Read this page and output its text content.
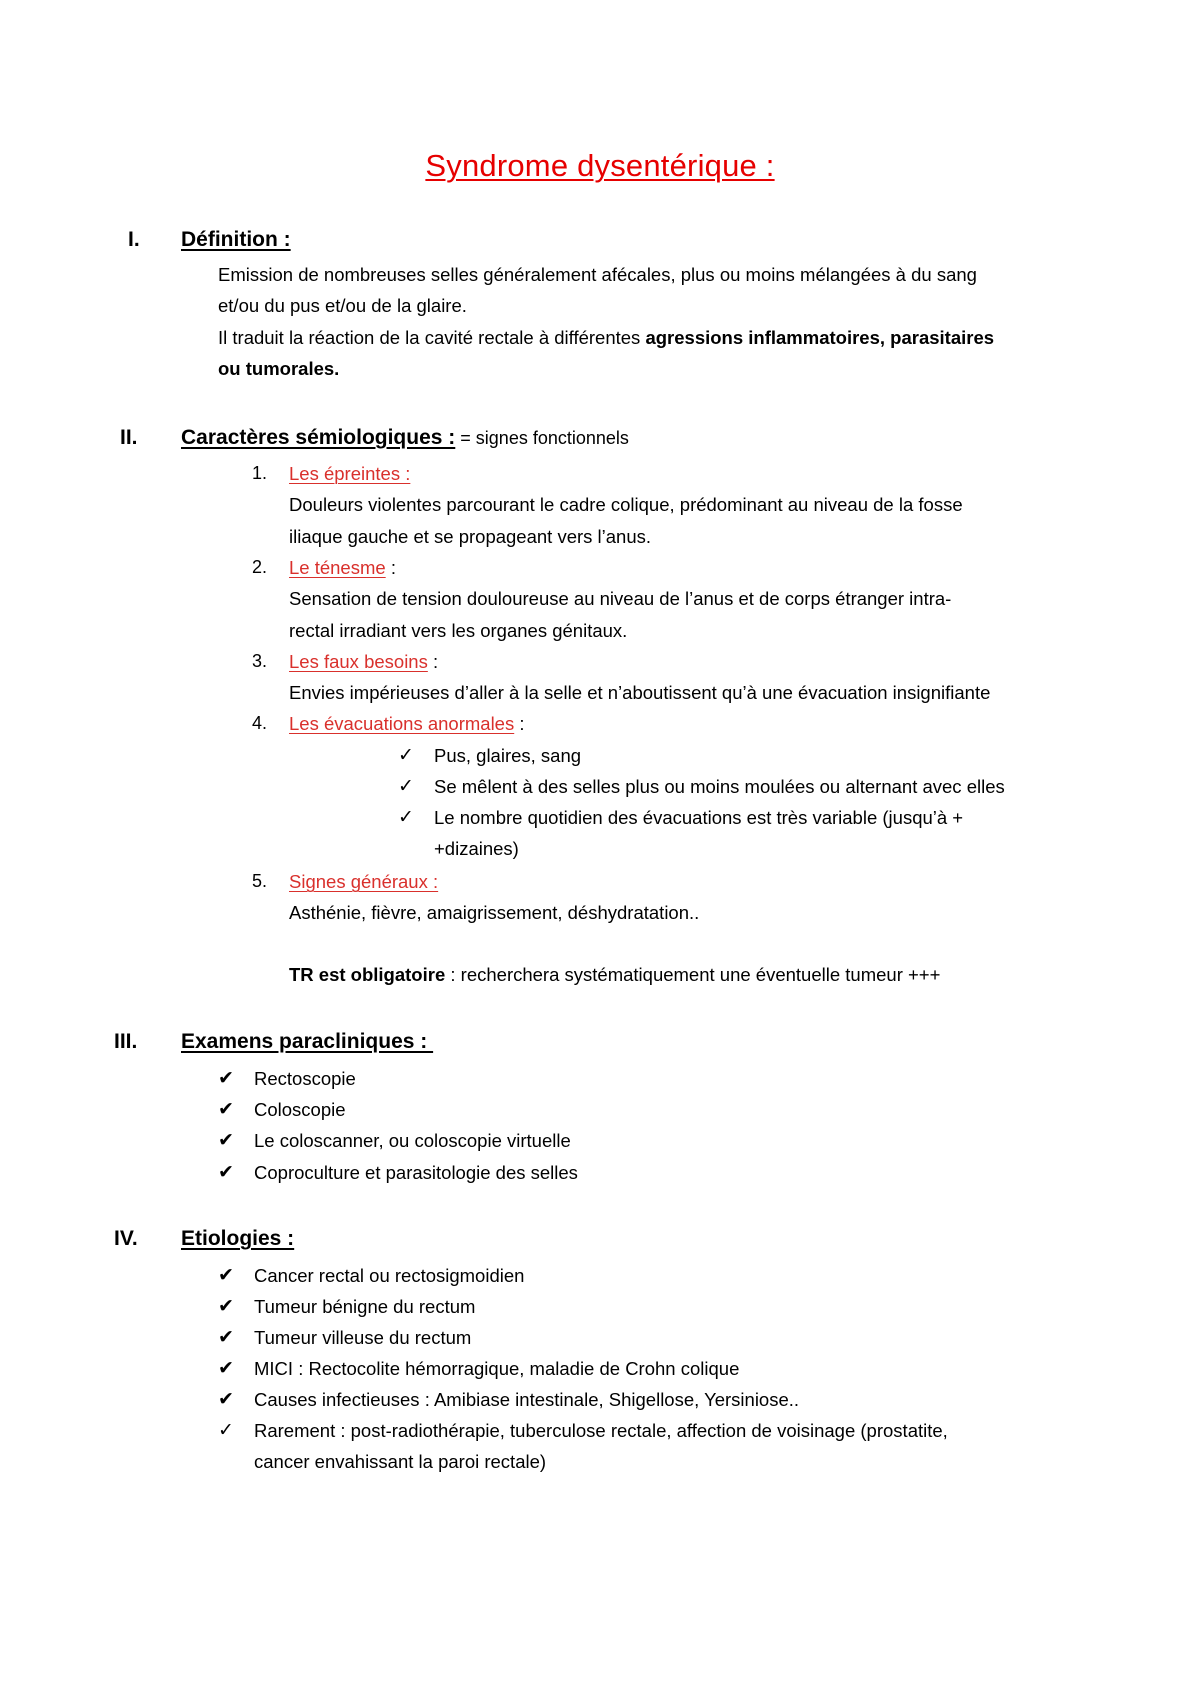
Syndrome dysentérique :
I. Définition :
Emission de nombreuses selles généralement afécales, plus ou moins mélangées à du sang
et/ou du pus et/ou de la glaire.
Il traduit la réaction de la cavité rectale à différentes agressions inflammatoires, parasitaires
ou tumorales.
II. Caractères sémiologiques : = signes fonctionnels
1. Les épreintes :
Douleurs violentes parcourant le cadre colique, prédominant au niveau de la fosse
iliaque gauche et se propageant vers l’anus.
2. Le ténesme :
Sensation de tension douloureuse au niveau de l’anus et de corps étranger intra-
rectal irradiant vers les organes génitaux.
3. Les faux besoins :
Envies impérieuses d’aller à la selle et n’aboutissent qu’à une évacuation insignifiante
4. Les évacuations anormales :
✓ Pus, glaires, sang
✓ Se mêlent à des selles plus ou moins moulées ou alternant avec elles
✓ Le nombre quotidien des évacuations est très variable (jusqu’à +
+dizaines)
5. Signes généraux :
Asthénie, fièvre, amaigrissement, déshydratation..
TR est obligatoire : recherchera systématiquement une éventuelle tumeur +++
III. Examens paracliniques :
✔ Rectoscopie
✔ Coloscopie
✔ Le coloscanner, ou coloscopie virtuelle
✔ Coproculture et parasitologie des selles
IV. Etiologies :
✔ Cancer rectal ou rectosigmoidien
✔ Tumeur bénigne du rectum
✔ Tumeur villeuse du rectum
✔ MICI : Rectocolite hémorragique, maladie de Crohn colique
✔ Causes infectieuses : Amibiase intestinale, Shigellose, Yersiniose..
✓ Rarement : post-radiothérapie, tuberculose rectale, affection de voisinage (prostatite,
cancer envahissant la paroi rectale)
